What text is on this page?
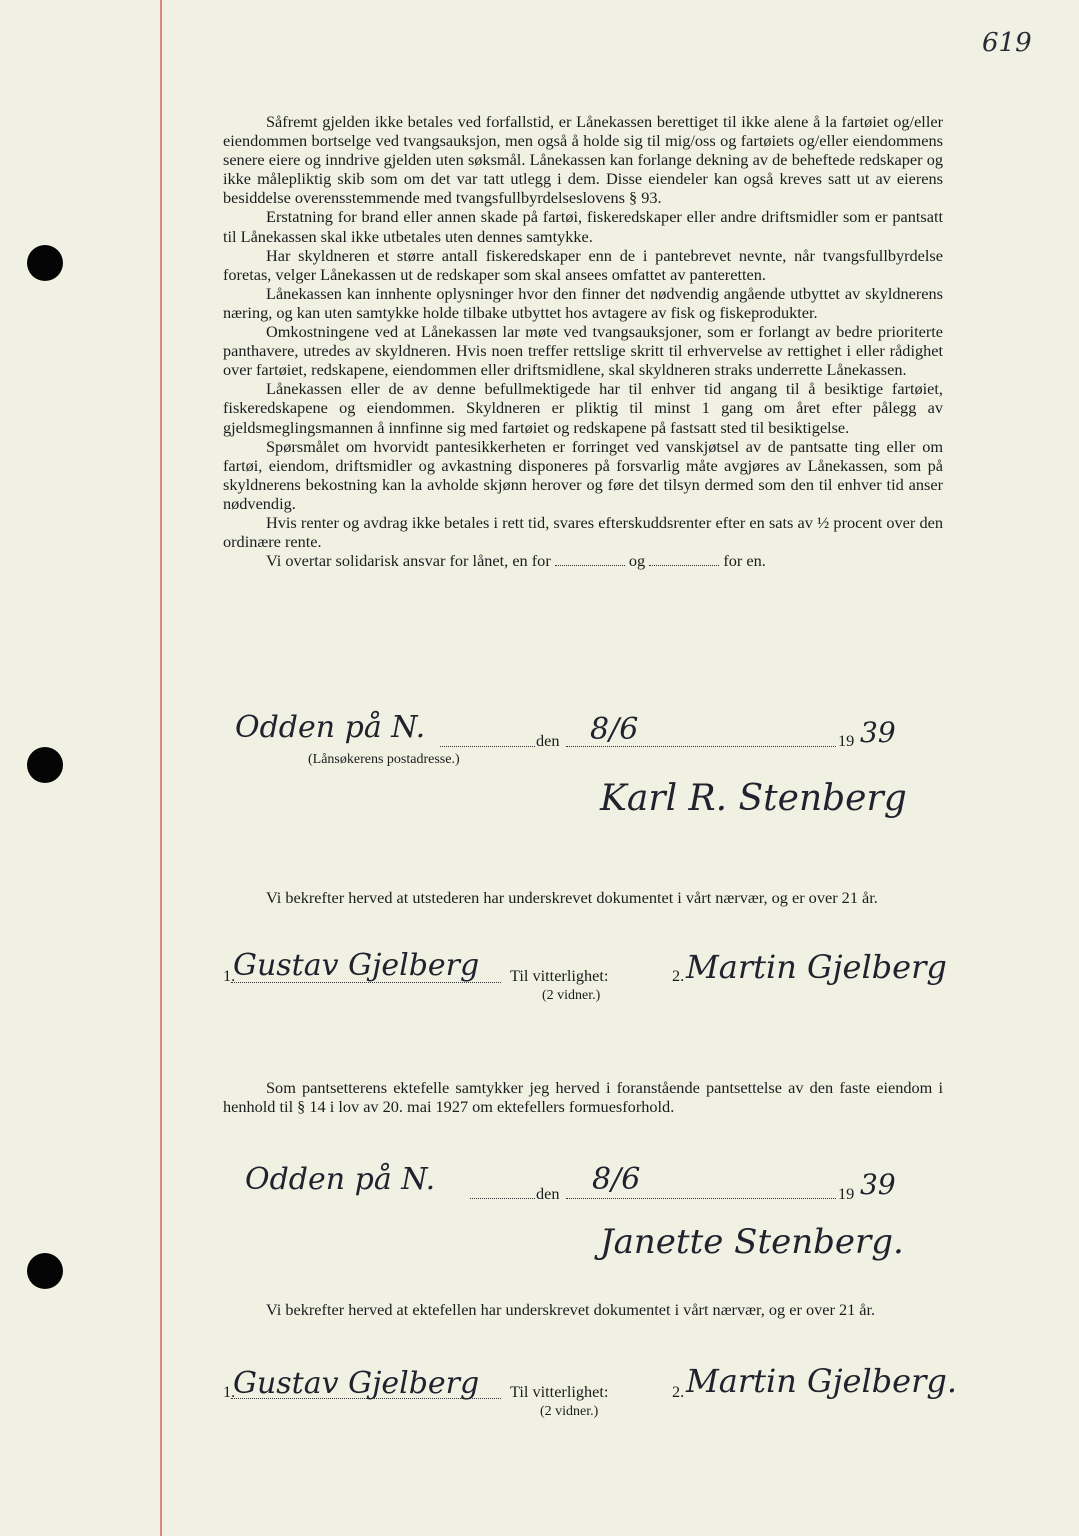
619

Såfremt gjelden ikke betales ved forfallstid, er Lånekassen berettiget til ikke alene å la fartøiet og/eller eiendommen bortselge ved tvangsauksjon, men også å holde sig til mig/oss og fartøiets og/eller eiendommens senere eiere og inndrive gjelden uten søksmål. Lånekassen kan forlange dekning av de beheftede redskaper og ikke målepliktig skib som om det var tatt utlegg i dem. Disse eiendeler kan også kreves satt ut av eierens besiddelse overensstemmende med tvangsfullbyrdelseslovens § 93.

Erstatning for brand eller annen skade på fartøi, fiskeredskaper eller andre driftsmidler som er pantsatt til Lånekassen skal ikke utbetales uten dennes samtykke.

Har skyldneren et større antall fiskeredskaper enn de i pantebrevet nevnte, når tvangsfullbyrdelse foretas, velger Lånekassen ut de redskaper som skal ansees omfattet av panteretten.

Lånekassen kan innhente oplysninger hvor den finner det nødvendig angående utbyttet av skyldnerens næring, og kan uten samtykke holde tilbake utbyttet hos avtagere av fisk og fiskeprodukter.

Omkostningene ved at Lånekassen lar møte ved tvangsauksjoner, som er forlangt av bedre prioriterte panthavere, utredes av skyldneren. Hvis noen treffer rettslige skritt til erhvervelse av rettighet i eller rådighet over fartøiet, redskapene, eiendommen eller driftsmidlene, skal skyldneren straks underrette Lånekassen.

Lånekassen eller de av denne befullmektigede har til enhver tid angang til å besiktige fartøiet, fiskeredskapene og eiendommen. Skyldneren er pliktig til minst 1 gang om året efter pålegg av gjeldsmeglingsmannen å innfinne sig med fartøiet og redskapene på fastsatt sted til besiktigelse.

Spørsmålet om hvorvidt pantesikkerheten er forringet ved vanskjøtsel av de pantsatte ting eller om fartøi, eiendom, driftsmidler og avkastning disponeres på forsvarlig måte avgjøres av Lånekassen, som på skyldnerens bekostning kan la avholde skjønn herover og føre det tilsyn dermed som den til enhver tid anser nødvendig.

Hvis renter og avdrag ikke betales i rett tid, svares efterskuddsrenter efter en sats av ½ procent over den ordinære rente.

Vi overtar solidarisk ansvar for lånet, en for	og	for en.

Odden på N.	den 8/6	19 39
(Lånsøkerens postadresse.)
Karl R. Stenberg

Vi bekrefter herved at utstederen har underskrevet dokumentet i vårt nærvær, og er over 21 år.

1.
Gustav Gjelberg Til vitterlighet:
(2 vidner.)
2. Martin Gjelberg

Som pantsetterens ektefelle samtykker jeg herved i foranstående pantsettelse av den faste eiendom i henhold til § 14 i lov av 20. mai 1927 om ektefellers formuesforhold.

Odden på N.	den 8/6	19 39
Janette Stenberg.

Vi bekrefter herved at ektefellen har underskrevet dokumentet i vårt nærvær, og er over 21 år.

1.
Gustav Gjelberg Til vitterlighet:
(2 vidner.)
2. Martin Gjelberg.
